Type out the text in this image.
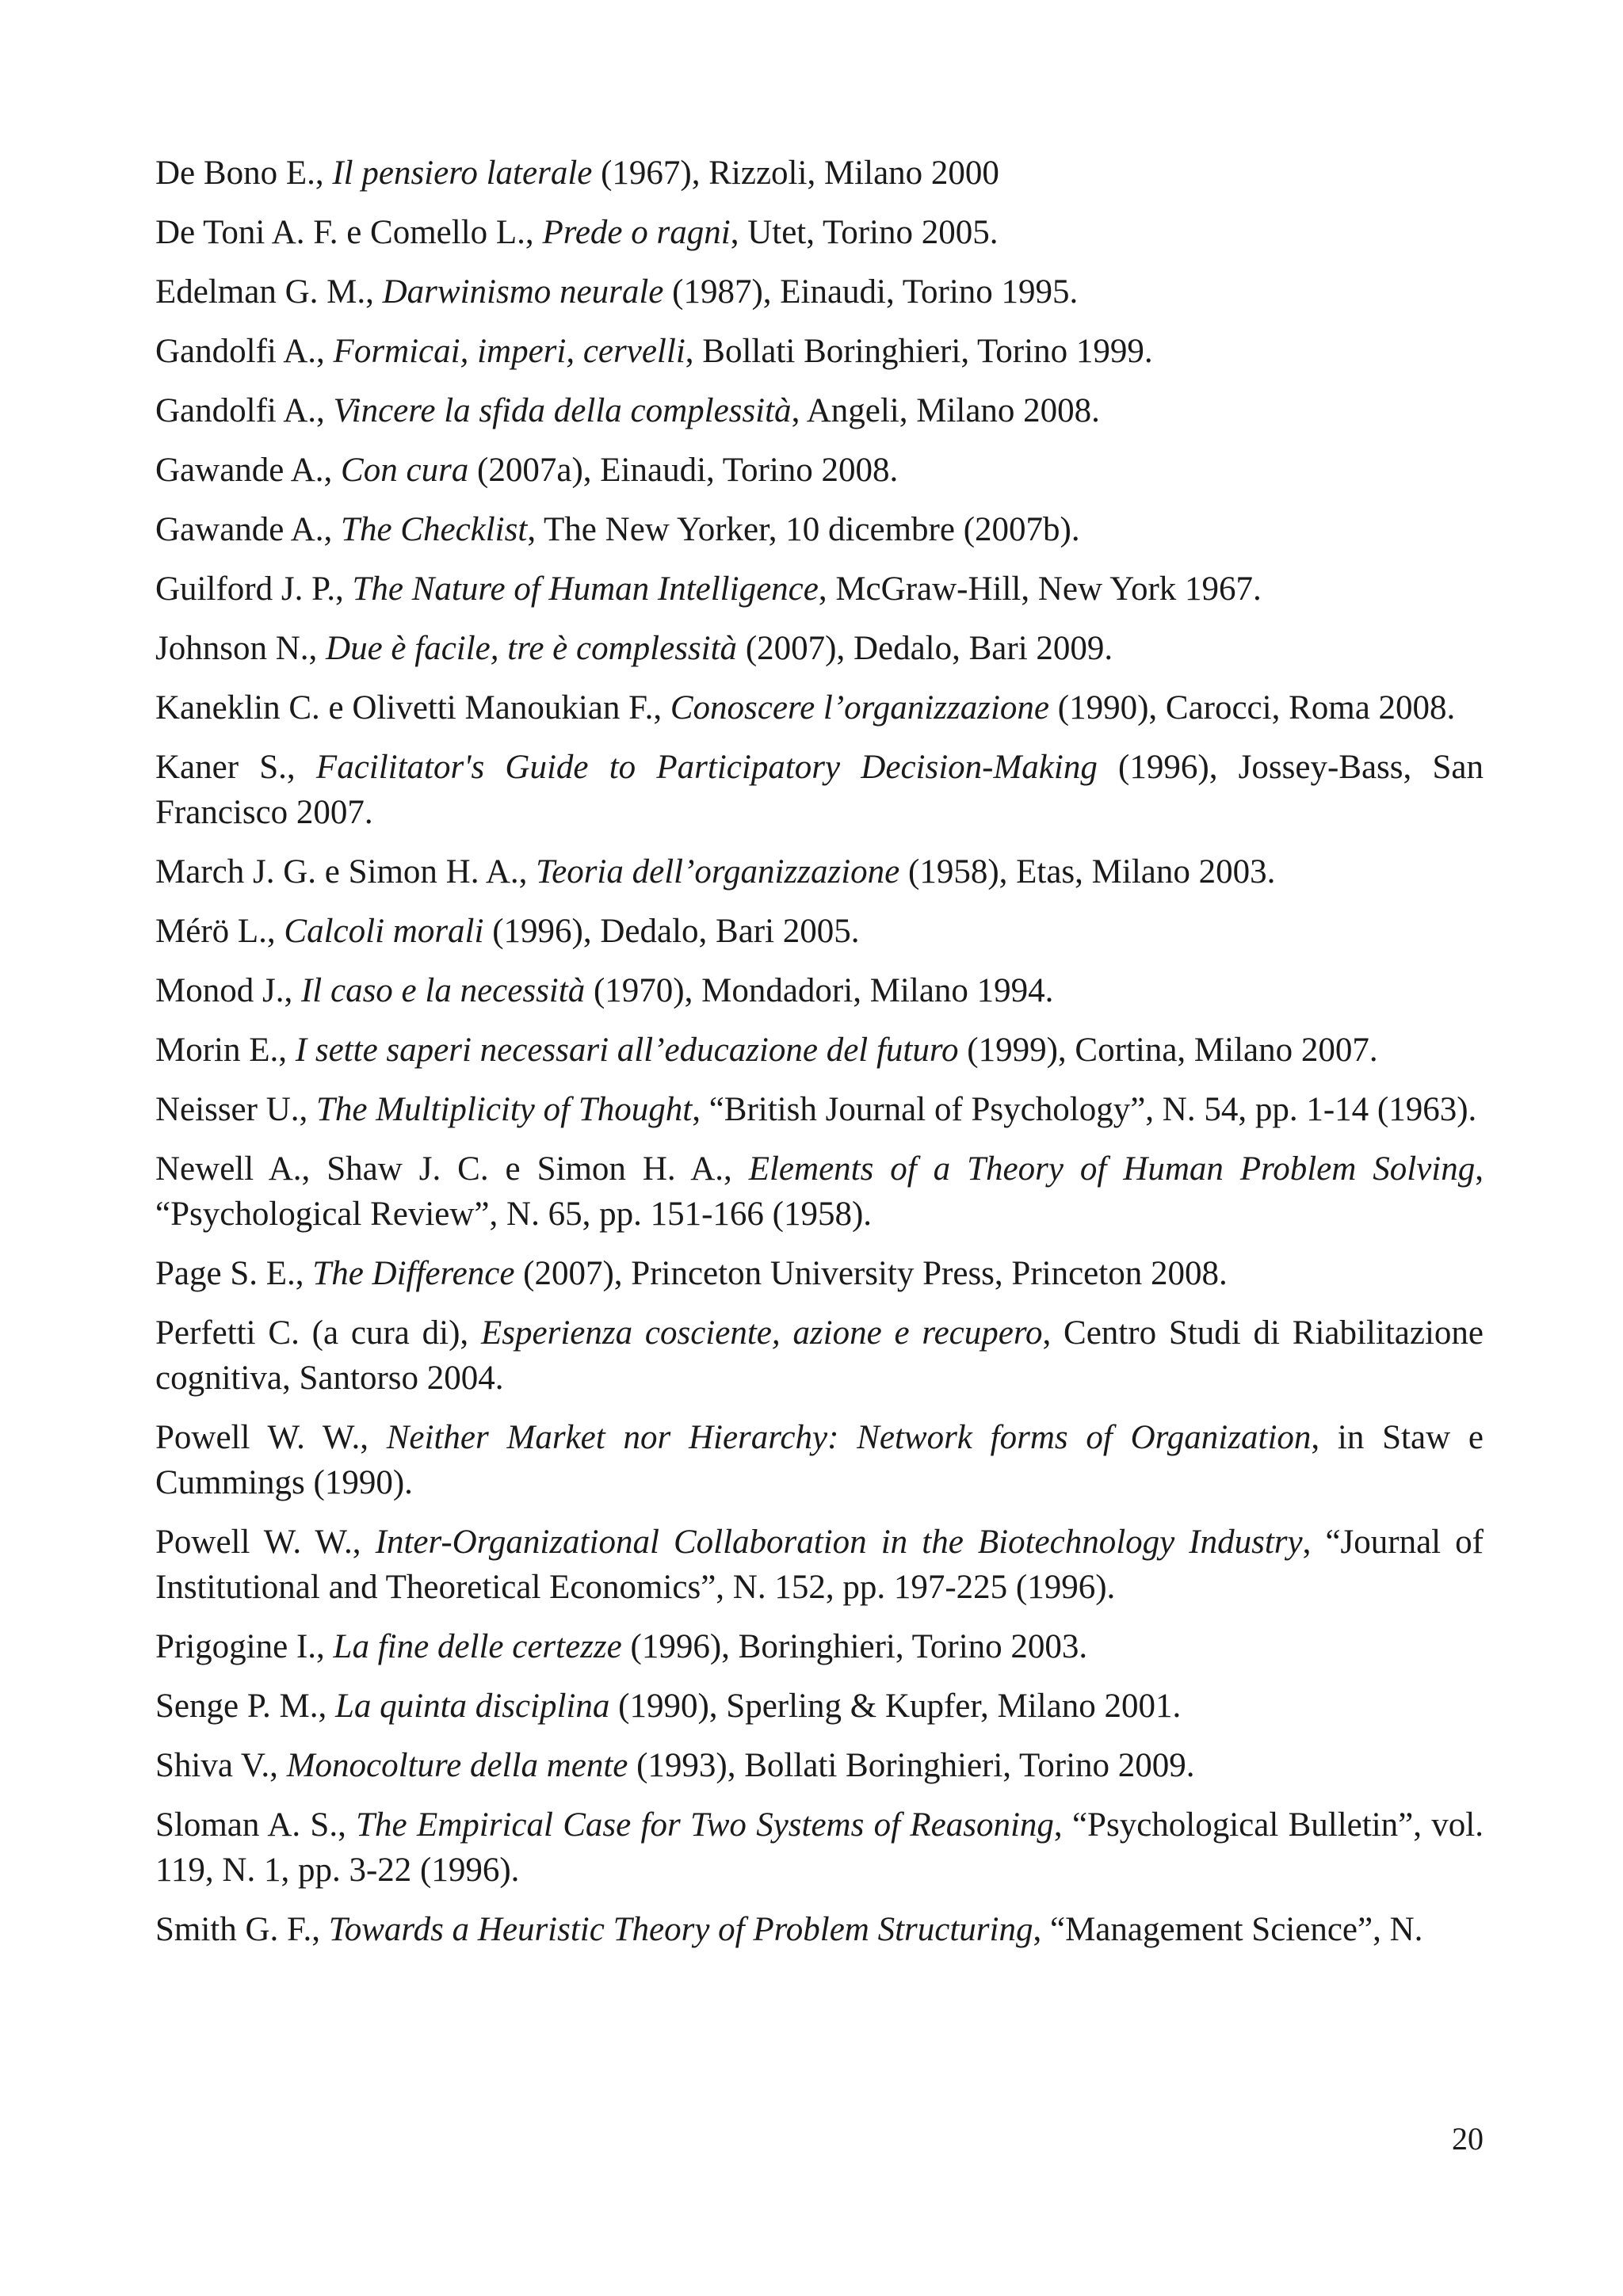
De Bono E., Il pensiero laterale (1967), Rizzoli, Milano 2000
De Toni A. F. e Comello L., Prede o ragni, Utet, Torino 2005.
Edelman G. M., Darwinismo neurale (1987), Einaudi, Torino 1995.
Gandolfi A., Formicai, imperi, cervelli, Bollati Boringhieri, Torino 1999.
Gandolfi A., Vincere la sfida della complessità, Angeli, Milano 2008.
Gawande A., Con cura (2007a), Einaudi, Torino 2008.
Gawande A., The Checklist, The New Yorker, 10 dicembre (2007b).
Guilford J. P., The Nature of Human Intelligence, McGraw-Hill, New York 1967.
Johnson N., Due è facile, tre è complessità (2007), Dedalo, Bari 2009.
Kaneklin C. e Olivetti Manoukian F., Conoscere l’organizzazione (1990), Carocci, Roma 2008.
Kaner S., Facilitator's Guide to Participatory Decision-Making (1996), Jossey-Bass, San Francisco 2007.
March J. G. e Simon H. A., Teoria dell’organizzazione (1958), Etas, Milano 2003.
Mérö L., Calcoli morali (1996), Dedalo, Bari 2005.
Monod J., Il caso e la necessità (1970), Mondadori, Milano 1994.
Morin E., I sette saperi necessari all’educazione del futuro (1999), Cortina, Milano 2007.
Neisser U., The Multiplicity of Thought, “British Journal of Psychology”, N. 54, pp. 1-14 (1963).
Newell A., Shaw J. C. e Simon H. A., Elements of a Theory of Human Problem Solving, “Psychological Review”, N. 65, pp. 151-166 (1958).
Page S. E., The Difference (2007), Princeton University Press, Princeton 2008.
Perfetti C. (a cura di), Esperienza cosciente, azione e recupero, Centro Studi di Riabilitazione cognitiva, Santorso 2004.
Powell W. W., Neither Market nor Hierarchy: Network forms of Organization, in Staw e Cummings (1990).
Powell W. W., Inter-Organizational Collaboration in the Biotechnology Industry, “Journal of Institutional and Theoretical Economics”, N. 152, pp. 197-225 (1996).
Prigogine I., La fine delle certezze (1996), Boringhieri, Torino 2003.
Senge P. M., La quinta disciplina (1990), Sperling & Kupfer, Milano 2001.
Shiva V., Monocolture della mente (1993), Bollati Boringhieri, Torino 2009.
Sloman A. S., The Empirical Case for Two Systems of Reasoning, “Psychological Bulletin”, vol. 119, N. 1, pp. 3-22 (1996).
Smith G. F., Towards a Heuristic Theory of Problem Structuring, “Management Science”, N.
20
